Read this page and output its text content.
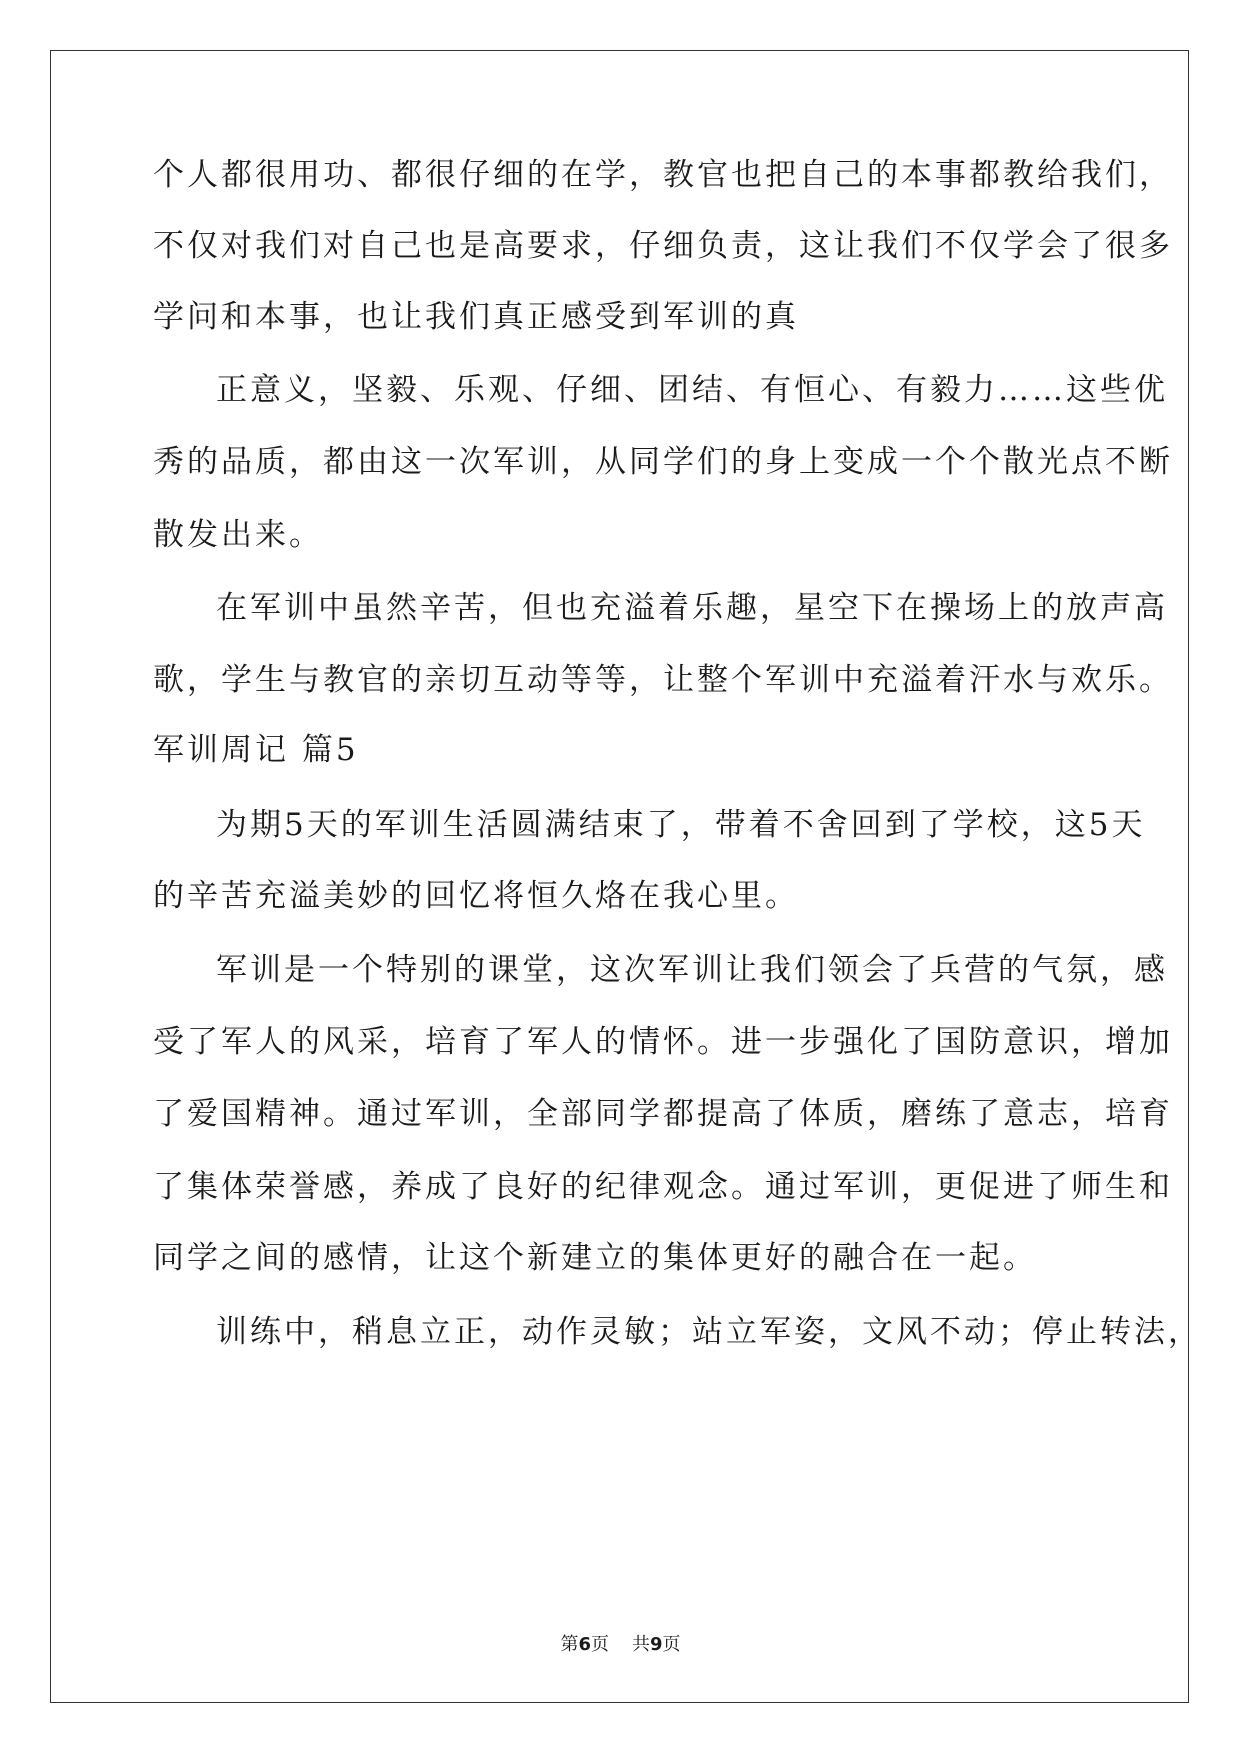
个人都很用功、都很仔细的在学，教官也把自己的本事都教给我们，
不仅对我们对自己也是高要求，仔细负责，这让我们不仅学会了很多
学问和本事，也让我们真正感受到军训的真
正意义，坚毅、乐观、仔细、团结、有恒心、有毅力……这些优
秀的品质，都由这一次军训，从同学们的身上变成一个个散光点不断
散发出来。
在军训中虽然辛苦，但也充溢着乐趣，星空下在操场上的放声高
歌，学生与教官的亲切互动等等，让整个军训中充溢着汗水与欢乐。
军训周记 篇5
为期5天的军训生活圆满结束了，带着不舍回到了学校，这5天
的辛苦充溢美妙的回忆将恒久烙在我心里。
军训是一个特别的课堂，这次军训让我们领会了兵营的气氛，感
受了军人的风采，培育了军人的情怀。进一步强化了国防意识，增加
了爱国精神。通过军训，全部同学都提高了体质，磨练了意志，培育
了集体荣誉感，养成了良好的纪律观念。通过军训，更促进了师生和
同学之间的感情，让这个新建立的集体更好的融合在一起。
训练中，稍息立正，动作灵敏；站立军姿，文风不动；停止转法，
第6页 共9页
